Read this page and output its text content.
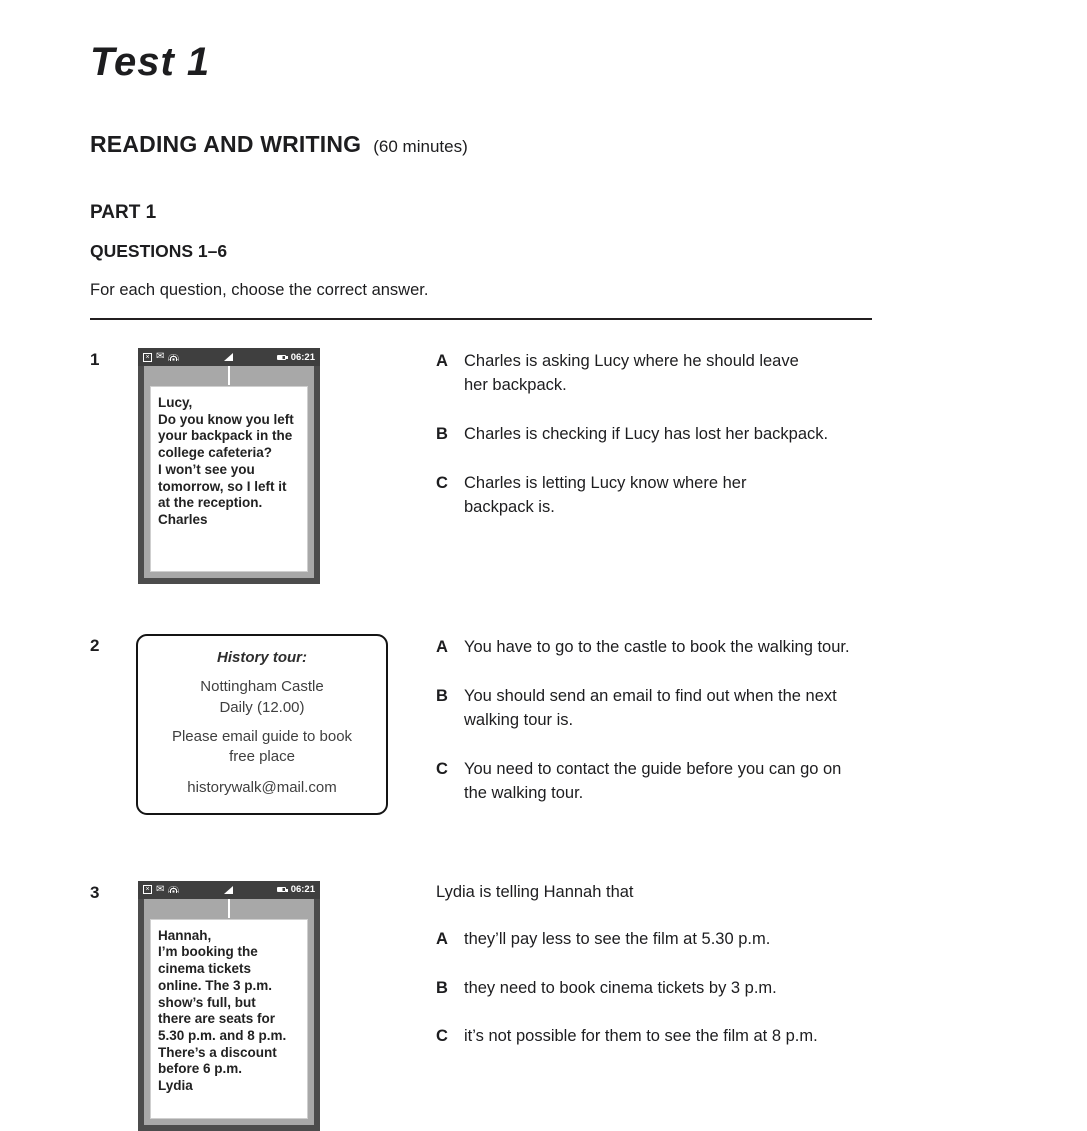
Test 1
READING AND WRITING (60 minutes)
PART 1
QUESTIONS 1–6
For each question, choose the correct answer.
1	× ✉	06:21
Lucy,
Do you know you left
your backpack in the
college cafeteria?
I won’t see you
tomorrow, so I left it
at the reception.
Charles
A Charles is asking Lucy where he should leave
her backpack.
B Charles is checking if Lucy has lost her backpack.
C Charles is letting Lucy know where her
backpack is.
2
History tour:
Nottingham Castle
Daily (12.00)
Please email guide to book
free place
historywalk@mail.com
A You have to go to the castle to book the walking tour.
B You should send an email to find out when the next
walking tour is.
C You need to contact the guide before you can go on
the walking tour.
3	× ✉	06:21
Hannah,
I’m booking the
cinema tickets
online. The 3 p.m.
show’s full, but
there are seats for
5.30 p.m. and 8 p.m.
There’s a discount
before 6 p.m.
Lydia
Lydia is telling Hannah that
A they’ll pay less to see the film at 5.30 p.m.
B they need to book cinema tickets by 3 p.m.
C it’s not possible for them to see the film at 8 p.m.
